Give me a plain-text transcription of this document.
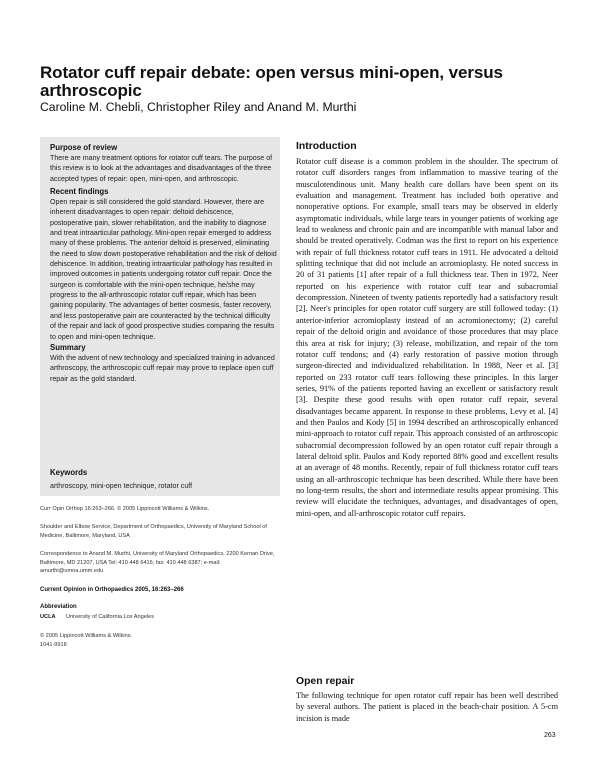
Rotator cuff repair debate: open versus mini-open, versus arthroscopic
Caroline M. Chebli, Christopher Riley and Anand M. Murthi
Purpose of review

There are many treatment options for rotator cuff tears. The purpose of this review is to look at the advantages and disadvantages of the three accepted types of repair: open, mini-open, and arthroscopic.

Recent findings

Open repair is still considered the gold standard. However, there are inherent disadvantages to open repair: deltoid dehiscence, postoperative pain, slower rehabilitation, and the inability to diagnose and treat intraarticular pathology. Mini-open repair emerged to address many of these problems. The anterior deltoid is preserved, eliminating the need to slow down postoperative rehabilitation and the risk of deltoid dehiscence. In addition, treating intraarticular pathology has resulted in improved outcomes in patients undergoing rotator cuff repair. Once the surgeon is comfortable with the mini-open technique, he/she may progress to the all-arthroscopic rotator cuff repair, which has been gaining popularity. The advantages of better cosmesis, faster recovery, and less postoperative pain are counteracted by the technical difficulty of the repair and lack of good prospective studies comparing the results to open and mini-open technique.

Summary

With the advent of new technology and specialized training in advanced arthroscopy, the arthroscopic cuff repair may prove to replace open cuff repair as the gold standard.

Keywords
arthroscopy, mini-open technique, rotator cuff
Curr Opin Orthop 16:263–266. © 2005 Lippincott Williams & Wilkins.
Shoulder and Elbow Service, Department of Orthopaedics, University of Maryland School of Medicine, Baltimore, Maryland, USA
Correspondence to Anand M. Murthi, University of Maryland Orthopaedics, 2200 Kernan Drive, Baltimore, MD 21207, USA Tel: 410 448 6416; fax: 410 448 6387; e-mail: amurthi@umoa.umm.edu
Current Opinion in Orthopaedics 2005, 16:263–266
Abbreviation
UCLA University of California Los Angeles
© 2005 Lippincott Williams & Wilkins. 1041-9918
Introduction
Rotator cuff disease is a common problem in the shoulder. The spectrum of rotator cuff disorders ranges from inflammation to massive tearing of the musculotendinous unit. Many health care dollars have been spent on its evaluation and management. Treatment has included both operative and nonoperative options. For example, small tears may be observed in elderly asymptomatic individuals, while large tears in younger patients of working age lead to weakness and chronic pain and are incompatible with manual labor and should be treated operatively. Codman was the first to report on his experience with repair of full thickness rotator cuff tears in 1911. He advocated a deltoid splitting technique that did not include an acromioplasty. He noted success in 20 of 31 patients [1] after repair of a full thickness tear. Then in 1972, Neer reported on his experience with rotator cuff tear and subacromial decompression. Nineteen of twenty patients reportedly had a satisfactory result [2]. Neer's principles for open rotator cuff surgery are still followed today: (1) anterior-inferior acromioplasty instead of an acromionectomy; (2) careful repair of the deltoid origin and avoidance of those procedures that may place this area at risk for injury; (3) release, mobilization, and repair of the torn rotator cuff tendons; and (4) early restoration of passive motion through surgeon-directed and individualized rehabilitation. In 1988, Neer et al. [3] reported on 233 rotator cuff tears following these principles. In this larger series, 91% of the patients reported having an excellent or satisfactory result [3]. Despite these good results with open rotator cuff repair, several disadvantages became apparent. In response to these problems, Levy et al. [4] and then Paulos and Kody [5] in 1994 described an arthroscopically enhanced mini-approach to rotator cuff repair. This approach consisted of an arthroscopic subacromial decompression followed by an open rotator cuff repair through a lateral deltoid split. Paulos and Kody reported 88% good and excellent results at an average of 48 months. Recently, repair of full thickness rotator cuff tears using an all-arthroscopic technique has been described. While there have been no long-term results, the short and intermediate results appear promising. This review will elucidate the techniques, advantages, and disadvantages of open, mini-open, and all-arthroscopic rotator cuff repairs.
Open repair
The following technique for open rotator cuff repair has been well described by several authors. The patient is placed in the beach-chair position. A 5-cm incision is made
263
